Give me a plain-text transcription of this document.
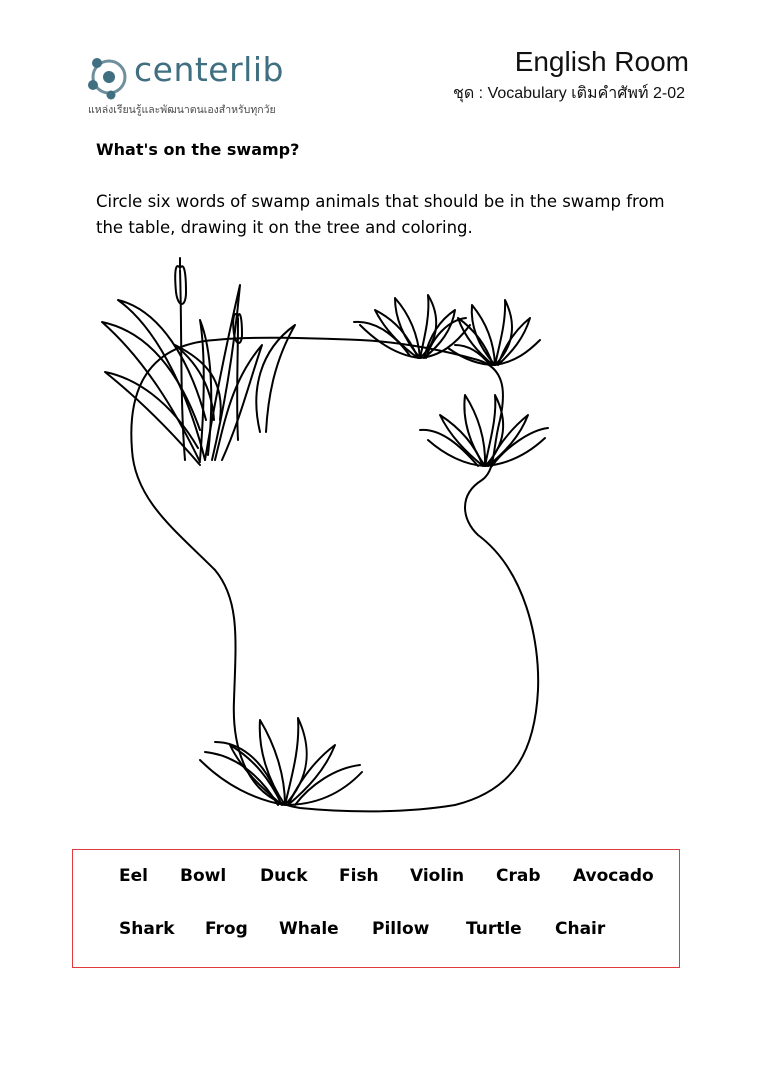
centerlib
แหล่งเรียนรู้และพัฒนาตนเองสำหรับทุกวัย
English Room
ชุด : Vocabulary เติมคำศัพท์ 2-02
What's on the swamp?
Circle six words of swamp animals that should be in the swamp from the table, drawing it on the tree and coloring.
Eel Bowl Duck Fish Violin Crab Avocado
Shark Frog Whale Pillow Turtle Chair
